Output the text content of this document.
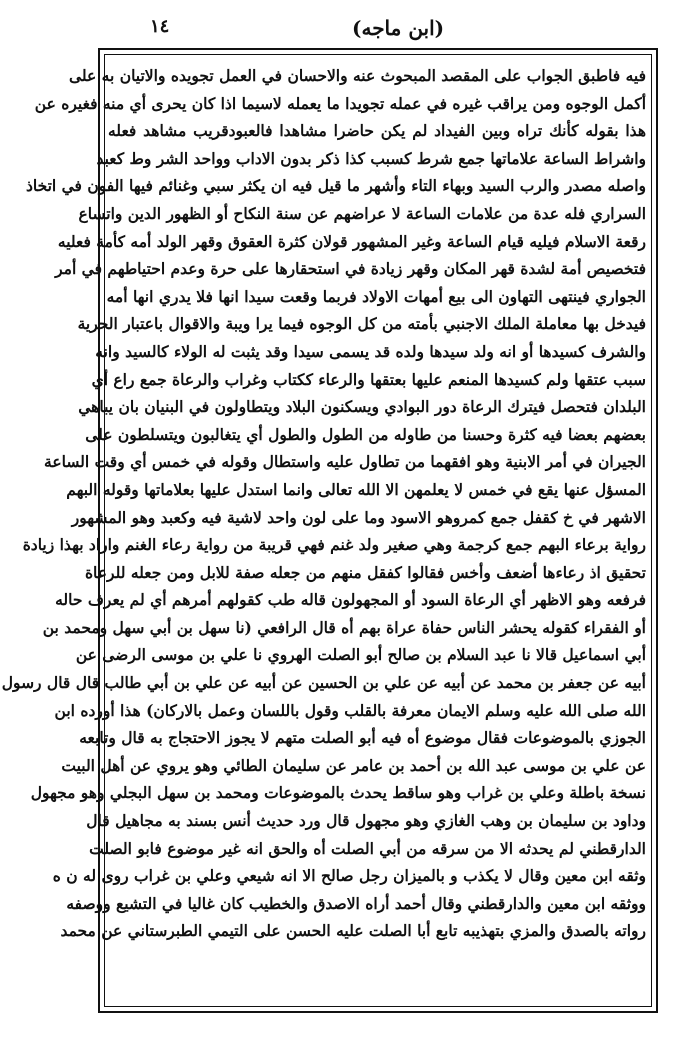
١٤	(ابن ماجه)
فيه فاطبق الجواب على المقصد المبحوث عنه والاحسان في العمل تجويده والاتيان به على
أكمل الوجوه ومن يراقب غيره في عمله تجويدا ما يعمله لاسيما اذا كان يحرى أي منه فغيره عن
هذا بقوله كأنك تراه وبين الفيداد لم يكن حاضرا مشاهدا فالعبودقريب مشاهد فعله
واشراط الساعة علاماتها جمع شرط كسبب كذا ذكر بدون الاداب وواحد الشر وط كعبد
واصله مصدر والرب السيد وبهاء التاء وأشهر ما قيل فيه ان يكثر سبي وغنائم فيها الفون في اتخاذ
السراري فله عدة من علامات الساعة لا عراضهم عن سنة النكاح أو الظهور الدين واتساع
رقعة الاسلام فيليه قيام الساعة وغير المشهور قولان كثرة العقوق وقهر الولد أمه كأمة فعليه
فتخصيص أمة لشدة قهر المكان وقهر زيادة في استحقارها على حرة وعدم احتياطهم في أمر
الجواري فينتهى التهاون الى بيع أمهات الاولاد فربما وقعت سيدا انها فلا يدري انها أمه
فيدخل بها معاملة الملك الاجنبي بأمته من كل الوجوه فيما يرا ويبة والاقوال باعتبار الحرية
والشرف كسيدها أو انه ولد سيدها ولده قد يسمى سيدا وقد يثبت له الولاء كالسيد وانه
سبب عتقها ولم كسيدها المنعم عليها بعتقها والرعاء ككتاب وغراب والرعاة جمع راع أي
البلدان فتحصل فيترك الرعاة دور البوادي ويسكنون البلاد ويتطاولون في البنيان بان يباهي
بعضهم بعضا فيه كثرة وحسنا من طاوله من الطول والطول أي يتغالبون ويتسلطون على
الجيران في أمر الابنية وهو افقهما من تطاول عليه واستطال وقوله في خمس أي وقت الساعة
المسؤل عنها يقع في خمس لا يعلمهن الا الله تعالى وانما استدل عليها بعلاماتها وقوله البهم
الاشهر في خ كقفل جمع كمروهو الاسود وما على لون واحد لاشية فيه وكعبد وهو المشهور
رواية برعاء البهم جمع كرجمة وهي صغير ولد غنم فهي قريبة من رواية رعاء الغنم واراد بهذا زيادة
تحقيق اذ رعاءها أضعف وأخس فقالوا كفقل منهم من جعله صفة للابل ومن جعله للرعاة
فرفعه وهو الاظهر أي الرعاة السود أو المجهولون قاله طب كقولهم أمرهم أي لم يعرف حاله
أو الفقراء كقوله يحشر الناس حفاة عراة بهم أه قال الرافعي (نا سهل بن أبي سهل ومحمد بن
أبي اسماعيل قالا نا عبد السلام بن صالح أبو الصلت الهروي نا علي بن موسى الرضى عن
أبيه عن جعفر بن محمد عن أبيه عن علي بن الحسين عن أبيه عن علي بن أبي طالب قال قال رسول
الله صلى الله عليه وسلم الايمان معرفة بالقلب وقول باللسان وعمل بالاركان) هذا أورده ابن
الجوزي بالموضوعات فقال موضوع أه فيه أبو الصلت متهم لا يجوز الاحتجاج به قال وتابعه
عن علي بن موسى عبد الله بن أحمد بن عامر عن سليمان الطائي وهو يروي عن أهل البيت
نسخة باطلة وعلي بن غراب وهو ساقط يحدث بالموضوعات ومحمد بن سهل البجلي وهو مجهول
وداود بن سليمان بن وهب الغازي وهو مجهول قال ورد حديث أنس بسند به مجاهيل قال
الدارقطني لم يحدثه الا من سرقه من أبي الصلت أه والحق انه غير موضوع فابو الصلت
وثقه ابن معين وقال لا يكذب و بالميزان رجل صالح الا انه شيعي وعلي بن غراب روى له ن ه
ووثقه ابن معين والدارقطني وقال أحمد أراه الاصدق والخطيب كان غاليا في التشيع ووصفه
رواته بالصدق والمزي بتهذيبه تابع أبا الصلت عليه الحسن على التيمي الطبرستاني عن محمد
